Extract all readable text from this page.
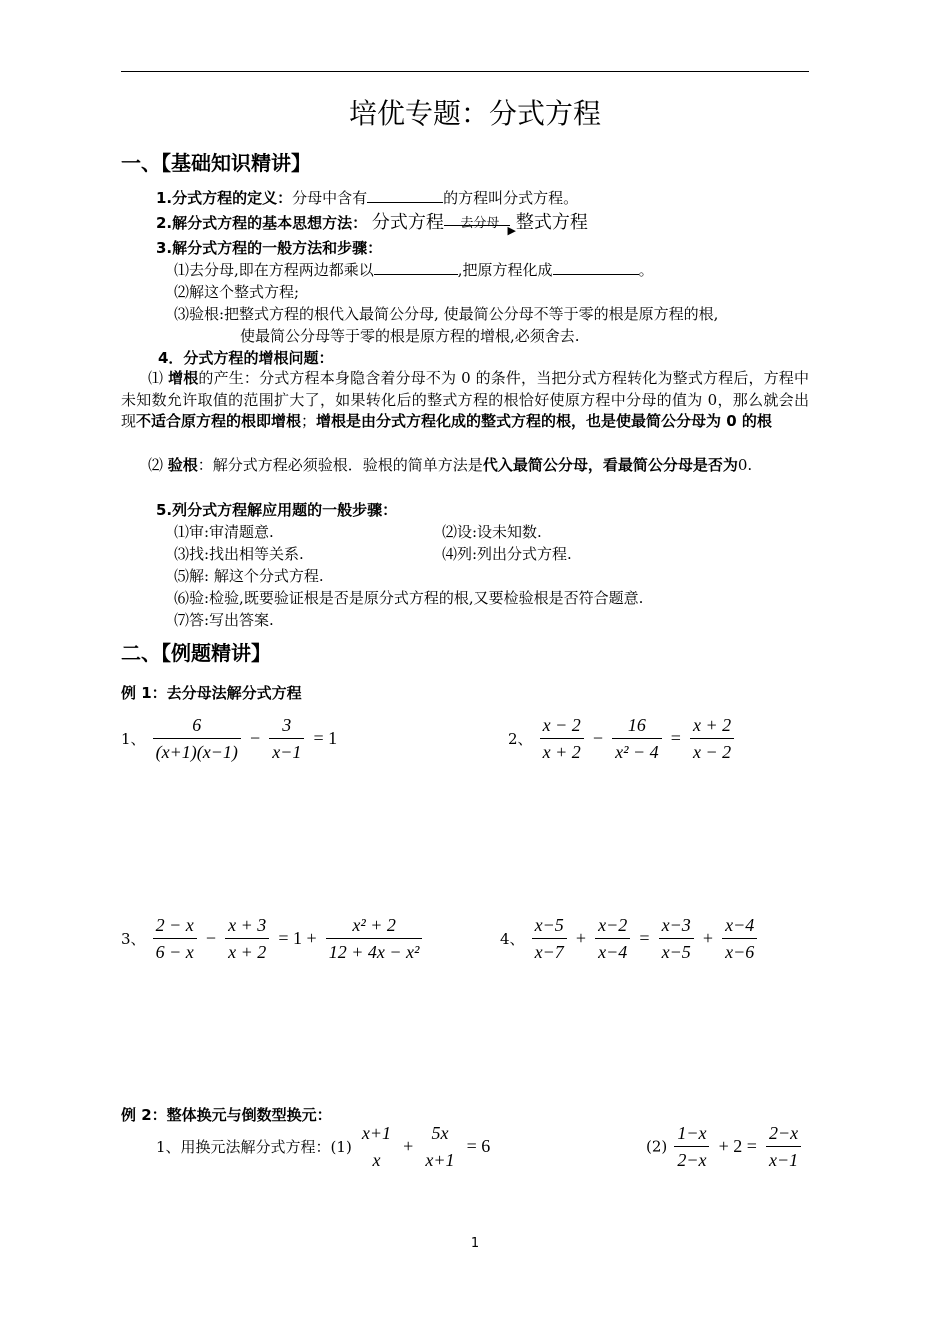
培优专题：分式方程
一、【基础知识精讲】
1.分式方程的定义：分母中含有	的方程叫分式方程。
2.解分式方程的基本思想方法： 分式方程	去分母 ▶ 整式方程
3.解分式方程的一般方法和步骤：
⑴去分母,即在方程两边都乘以	,把原方程化成	。
⑵解这个整式方程;
⑶验根:把整式方程的根代入最简公分母, 使最简公分母不等于零的根是原方程的根,
使最简公分母等于零的根是原方程的增根,必须舍去.
4．分式方程的增根问题：
⑴ 增根的产生：分式方程本身隐含着分母不为 0 的条件，当把分式方程转化为整式方程后，方程中未知数允许取值的范围扩大了，如果转化后的整式方程的根恰好使原方程中分母的值为 0，那么就会出现不适合原方程的根即增根；增根是由分式方程化成的整式方程的根，也是使最简公分母为 0 的根
⑵ 验根：解分式方程必须验根．验根的简单方法是代入最简公分母，看最简公分母是否为0.
5.列分式方程解应用题的一般步骤：
⑴审:审清题意.	⑵设:设未知数.
⑶找:找出相等关系.	⑷列:列出分式方程.
⑸解: 解这个分式方程.
⑹验:检验,既要验证根是否是原分式方程的根,又要检验根是否符合题意.
⑺答:写出答案.
二、【例题精讲】
例 1：去分母法解分式方程
1、 $\frac{6}{(x+1)(x-1)} - \frac{3}{x-1} = 1$	2、 $\frac{x - 2}{x + 2} - \frac{16}{\text{x² − 4}} = \frac{x + 2}{x - 2}$
3、 $\frac{2 - x}{6 - x} - \frac{x + 3}{x + 2} = 1 + \frac{\text{x² + 2}}{\text{12 + 4x − x²}}$	4、 $\frac{x-5}{x-7} + \frac{x-2}{x-4} = \frac{x-3}{x-5} + \frac{x-4}{x-6}$
例 2：整体换元与倒数型换元：
1、用换元法解分式方程：(1)
x+1
x
+
5x
x+1
= 6	$(2) \frac{1-x}{2-x} + 2 = \frac{2-x}{x-1}$
1
